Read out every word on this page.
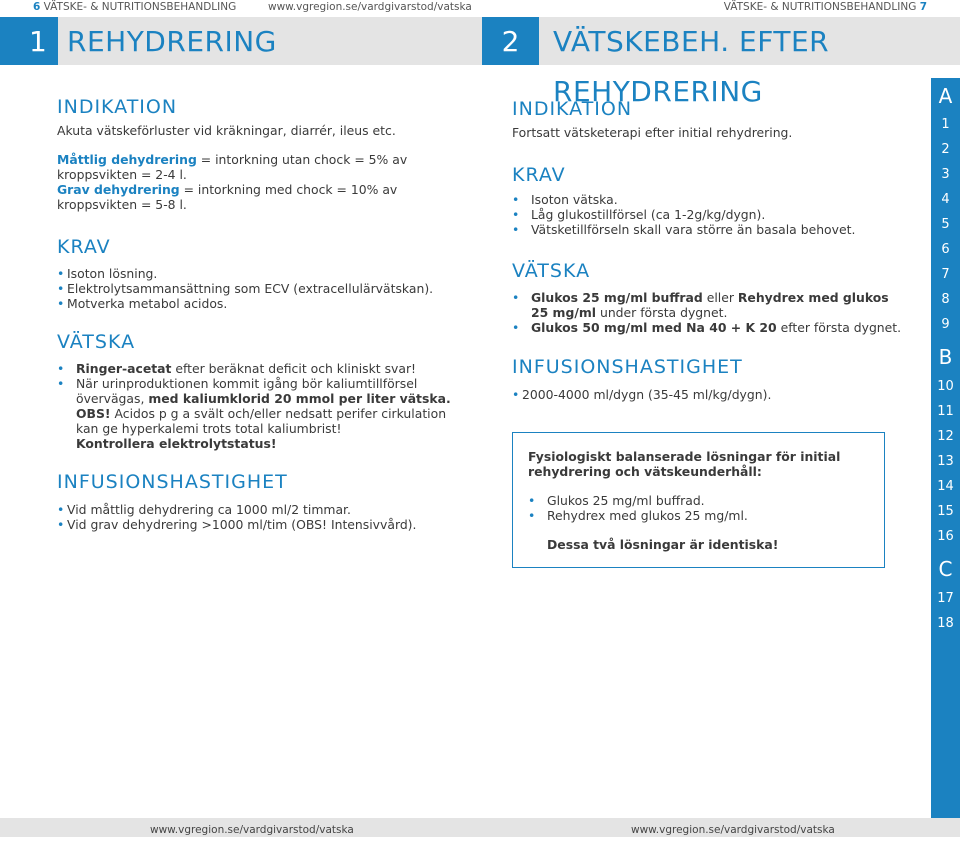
6 VÄTSKE- & NUTRITIONSBEHANDLING	www.vgregion.se/vardgivarstod/vatska	VÄTSKE- & NUTRITIONSBEHANDLING 7
1 REHYDRERING	2	VÄTSKEBEH. EFTER REHYDRERING
INDIKATION

Akuta vätskeförluster vid kräkningar, diarrér, ileus etc.

Måttlig dehydrering = intorkning utan chock = 5% av

kroppsvikten = 2-4 l.

Grav dehydrering = intorkning med chock = 10% av

kroppsvikten = 5-8 l.

KRAV
• Isoton lösning.
• Elektrolytsammansättning som ECV (extracellulärvätskan).
• Motverka metabol acidos.
VÄTSKA
• Ringer-acetat efter beräknat deficit och kliniskt svar!
• När urinproduktionen kommit igång bör kaliumtillförsel
övervägas, med kaliumklorid 20 mmol per liter vätska.
OBS! Acidos p g a svält och/eller nedsatt perifer cirkulation
kan ge hyperkalemi trots total kaliumbrist!
Kontrollera elektrolytstatus!
INFUSIONSHASTIGHET
• Vid måttlig dehydrering ca 1000 ml/2 timmar.
• Vid grav dehydrering >1000 ml/tim (OBS! Intensivvård).
INDIKATION

Fortsatt vätsketerapi efter initial rehydrering.

KRAV
• Isoton vätska.
• Låg glukostillförsel (ca 1-2g/kg/dygn).
• Vätsketillförseln skall vara större än basala behovet.
VÄTSKA
• Glukos 25 mg/ml buffrad eller Rehydrex med glukos
25 mg/ml under första dygnet.
• Glukos 50 mg/ml med Na 40 + K 20 efter första dygnet.
INFUSIONSHASTIGHET
• 2000-4000 ml/dygn (35-45 ml/kg/dygn).

Fysiologiskt balanserade lösningar för initial

rehydrering och vätskeunderhåll:

• Glukos 25 mg/ml buffrad.
• Rehydrex med glukos 25 mg/ml.

Dessa två lösningar är identiska!

A
1
2
3
4
5
6
7
8
9
B
10
11
12
13
14
15
16
C
17
18
www.vgregion.se/vardgivarstod/vatska	www.vgregion.se/vardgivarstod/vatska
